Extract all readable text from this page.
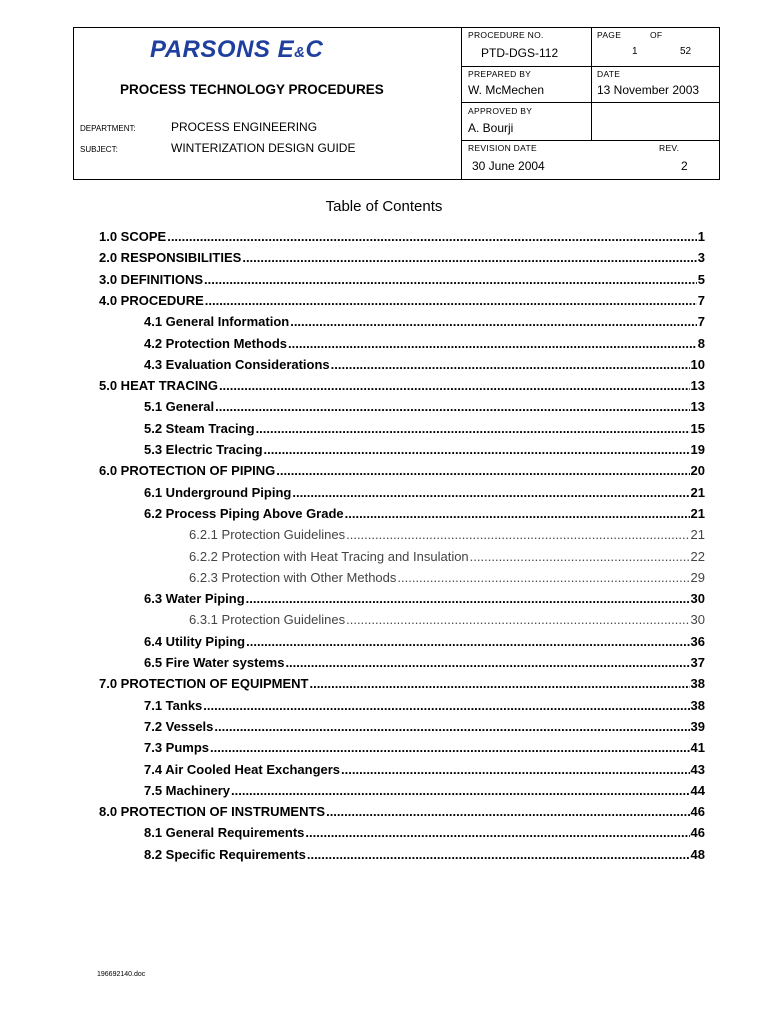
PARSONS E&C
PROCESS TECHNOLOGY PROCEDURES
DEPARTMENT:	PROCESS ENGINEERING
SUBJECT:	WINTERIZATION DESIGN GUIDE
PROCEDURE NO.
PTD-DGS-112
PAGE	OF
1	52
PREPARED BY
W. McMechen
DATE
13 November 2003
APPROVED BY
A. Bourji
REVISION DATE
30 June 2004
REV.
2
Table of Contents
1.0 SCOPE .....	1
2.0 RESPONSIBILITIES .....	3
3.0 DEFINITIONS .....	5
4.0 PROCEDURE .....	7
4.1 General Information .....	7
4.2 Protection Methods .....	8
4.3 Evaluation Considerations .....	10
5.0 HEAT TRACING .....	13
5.1 General .....	13
5.2 Steam Tracing .....	15
5.3 Electric Tracing .....	19
6.0 PROTECTION OF PIPING .....	20
6.1 Underground Piping .....	21
6.2 Process Piping Above Grade .....	21
6.2.1 Protection Guidelines .....	21
6.2.2 Protection with Heat Tracing and Insulation .....	22
6.2.3 Protection with Other Methods .....	29
6.3 Water Piping .....	30
6.3.1 Protection Guidelines .....	30
6.4 Utility Piping .....	36
6.5 Fire Water systems .....	37
7.0 PROTECTION OF EQUIPMENT .....	38
7.1 Tanks .....	38
7.2 Vessels .....	39
7.3 Pumps .....	41
7.4 Air Cooled Heat Exchangers .....	43
7.5 Machinery .....	44
8.0 PROTECTION OF INSTRUMENTS .....	46
8.1 General Requirements .....	46
8.2 Specific Requirements .....	48
196692140.doc
